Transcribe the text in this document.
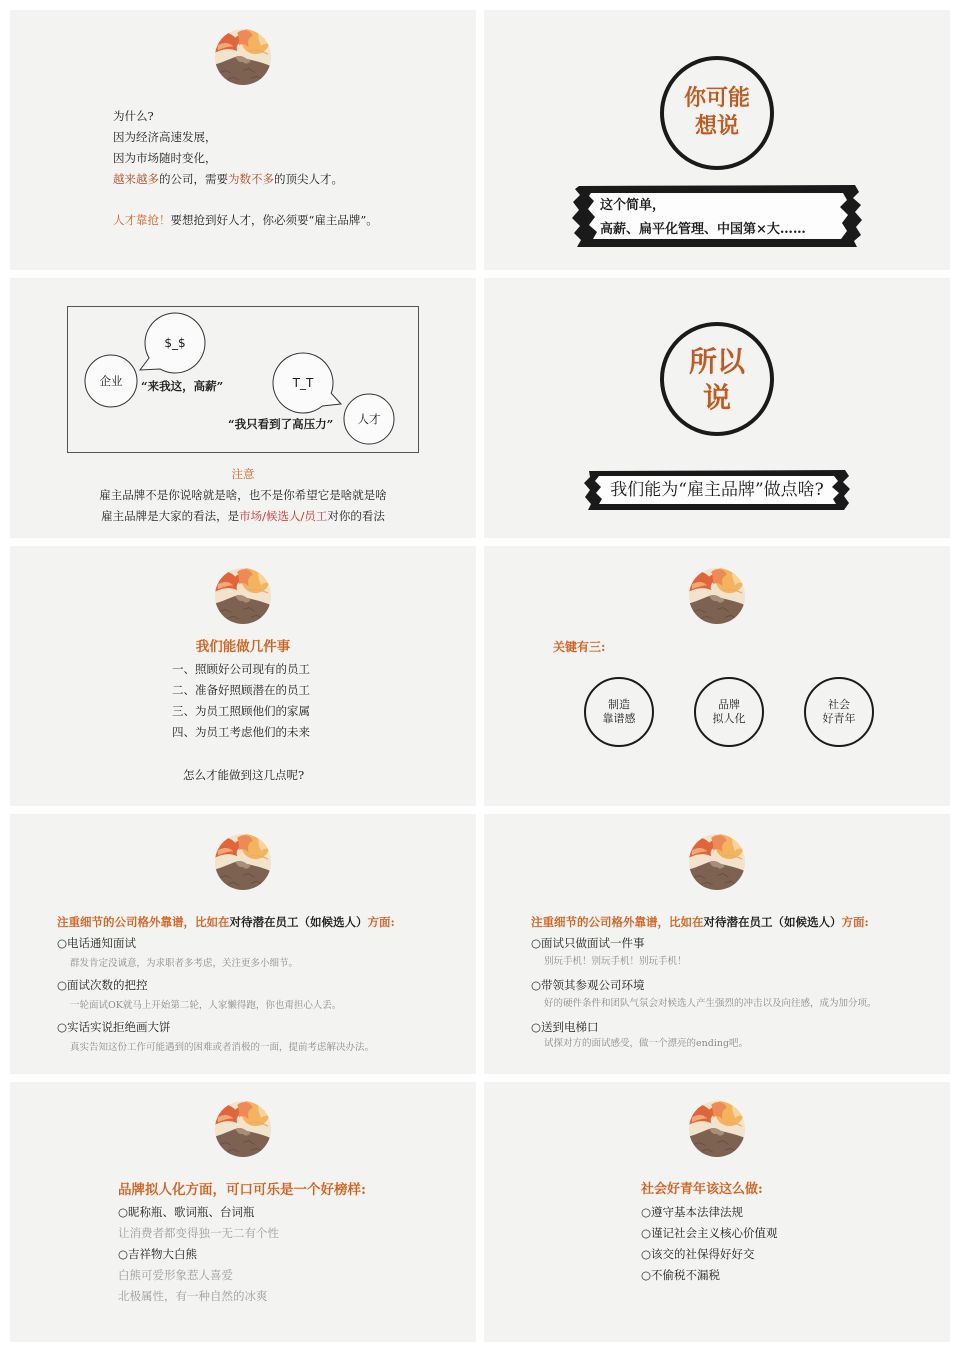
为什么?
因为经济高速发展，
因为市场随时变化，
越来越多的公司，需要为数不多的顶尖人才。
人才靠抢！要想抢到好人才，你必须要“雇主品牌”。
你可能
想说
这个简单，
高薪、扁平化管理、中国第×大……
$_$
企业	“来我这，高薪”	T_T
人才
“我只看到了高压力”
注意
雇主品牌不是你说啥就是啥，也不是你希望它是啥就是啥
雇主品牌是大家的看法，是市场/候选人/员工对你的看法
所以
说
我们能为“雇主品牌”做点啥?
我们能做几件事
一、照顾好公司现有的员工
二、准备好照顾潜在的员工
三、为员工照顾他们的家属
四、为员工考虑他们的未来
怎么才能做到这几点呢?
关键有三:
制造
靠谱感
品牌
拟人化
社会
好青年
注重细节的公司格外靠谱，比如在对待潜在员工（如候选人）方面:
○电话通知面试
群发肯定没诚意，为求职者多考虑，关注更多小细节。
○面试次数的把控
一轮面试OK就马上开始第二轮，人家懒得跑，你也甭担心人丢。
○实话实说拒绝画大饼
真实告知这份工作可能遇到的困难或者消极的一面，提前考虑解决办法。
注重细节的公司格外靠谱，比如在对待潜在员工（如候选人）方面:
○面试只做面试一件事
别玩手机！别玩手机！别玩手机！
○带领其参观公司环境
好的硬件条件和团队气氛会对候选人产生强烈的冲击以及向往感，成为加分项。
○送到电梯口
试探对方的面试感受，做一个漂亮的ending吧。
品牌拟人化方面，可口可乐是一个好榜样:
○昵称瓶、歌词瓶、台词瓶
让消费者都变得独一无二有个性
○吉祥物大白熊
白熊可爱形象惹人喜爱
北极属性，有一种自然的冰爽
社会好青年该这么做:
○遵守基本法律法规
○谨记社会主义核心价值观
○该交的社保得好好交
○不偷税不漏税
